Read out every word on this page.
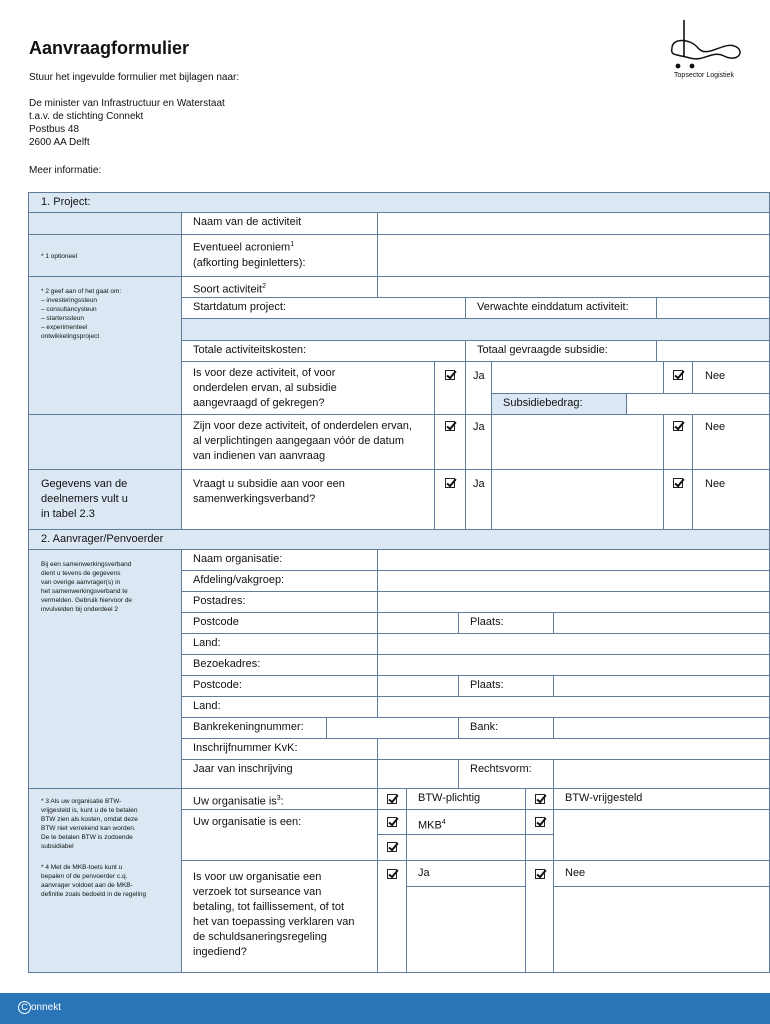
Aanvraagformulier
Stuur het ingevulde formulier met bijlagen naar:
De minister van Infrastructuur en Waterstaat
t.a.v. de stichting Connekt
Postbus 48
2600 AA Delft
Meer informatie:
Topsector Logistiek
1. Project:
* 1 optioneel
* 2 geef aan of het gaat om:
– investeringssteun
– consultancysteun
– starterssteun
– experimenteel
ontwikkelingsproject
Gegevens van de
deelnemers vult u
in tabel 2.3
Naam van de activiteit
Eventueel acroniem$^1$
(afkorting beginletters):
Soort activiteit$^2$
Startdatum project:	Verwachte einddatum activiteit:
Totale activiteitskosten:	Totaal gevraagde subsidie:
Is voor deze activiteit, of voor
onderdelen ervan, al subsidie
aangevraagd of gekregen?
Ja	Nee
Subsidiebedrag:
Zijn voor deze activiteit, of onderdelen ervan,
al verplichtingen aangegaan vóór de datum
van indienen van aanvraag
Ja	Nee
Vraagt u subsidie aan voor een
samenwerkingsverband?
Ja	Nee
2. Aanvrager/Penvoerder
Bij een samenwerkingsverband
dient u tevens de gegevens
van overige aanvrager(s) in
het samenwerkingsverband te
vermelden. Gebruik hiervoor de
invulvelden bij onderdeel 2
* 3 Als uw organisatie BTW-
vrijgesteld is, kunt u de te betalen
BTW zien als kosten, omdat deze
BTW niet verrekend kan worden.
De te betalen BTW is zodoende
subsidiabel
* 4 Met de MKB-toets kunt u
bepalen of de penvoerder c.q.
aanvrager voldoet aan de MKB-
definitie zoals bedoeld in de regeling
Naam organisatie:
Afdeling/vakgroep:
Postadres:
Postcode	Plaats:
Land:
Bezoekadres:
Postcode:	Plaats:
Land:
Bankrekeningnummer:	Bank:
Inschrijfnummer KvK:
Jaar van inschrijving	Rechtsvorm:
Uw organisatie $is^3$:	BTW-plichtig	BTW-vrijgesteld
Uw organisatie is een:	MKB$^4$
Is voor uw organisatie een
verzoek tot surseance van
betaling, tot faillissement, of tot
het van toepassing verklaren van
de schuldsaneringsregeling
ingediend?
Ja	Nee
C onnekt
